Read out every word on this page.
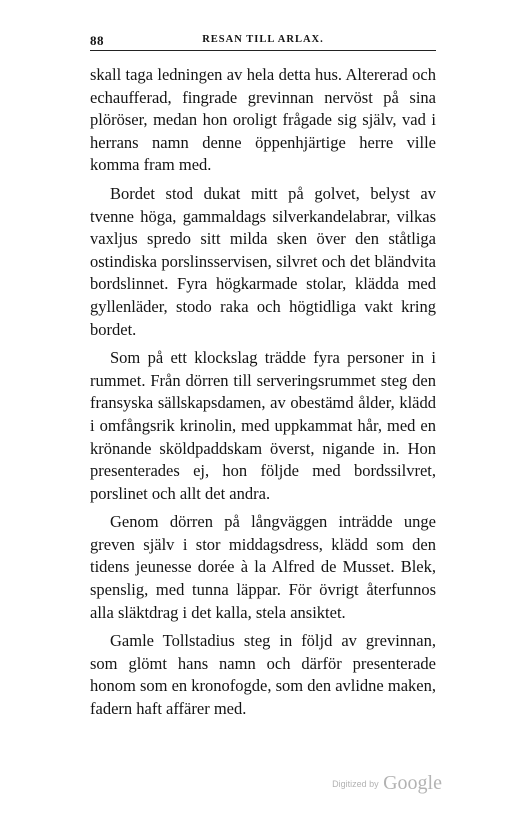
88	RESAN TILL ARLAX.

skall taga ledningen av hela detta hus. Altererad och echaufferad, fingrade grevinnan nervöst på sina plöröser, medan hon oroligt frågade sig själv, vad i herrans namn denne öppenhjärtige herre ville komma fram med.

Bordet stod dukat mitt på golvet, belyst av tvenne höga, gammaldags silverkandelabrar, vilkas vaxljus spredo sitt milda sken över den ståtliga ostindiska porslinsservisen, silvret och det bländvita bordslinnet. Fyra högkarmade stolar, klädda med gyllenläder, stodo raka och högtidliga vakt kring bordet.

Som på ett klockslag trädde fyra personer in i rummet. Från dörren till serveringsrummet steg den fransyska sällskapsdamen, av obestämd ålder, klädd i omfångsrik krinolin, med uppkammat hår, med en krönande sköldpaddskam överst, nigande in. Hon presenterades ej, hon följde med bordssilvret, porslinet och allt det andra.

Genom dörren på långväggen inträdde unge greven själv i stor middagsdress, klädd som den tidens jeunesse dorée à la Alfred de Musset. Blek, spenslig, med tunna läppar. För övrigt återfunnos alla släktdrag i det kalla, stela ansiktet.

Gamle Tollstadius steg in följd av grevinnan, som glömt hans namn och därför presenterade honom som en kronofogde, som den avlidne maken, fadern haft affärer med.

Digitized by Google
